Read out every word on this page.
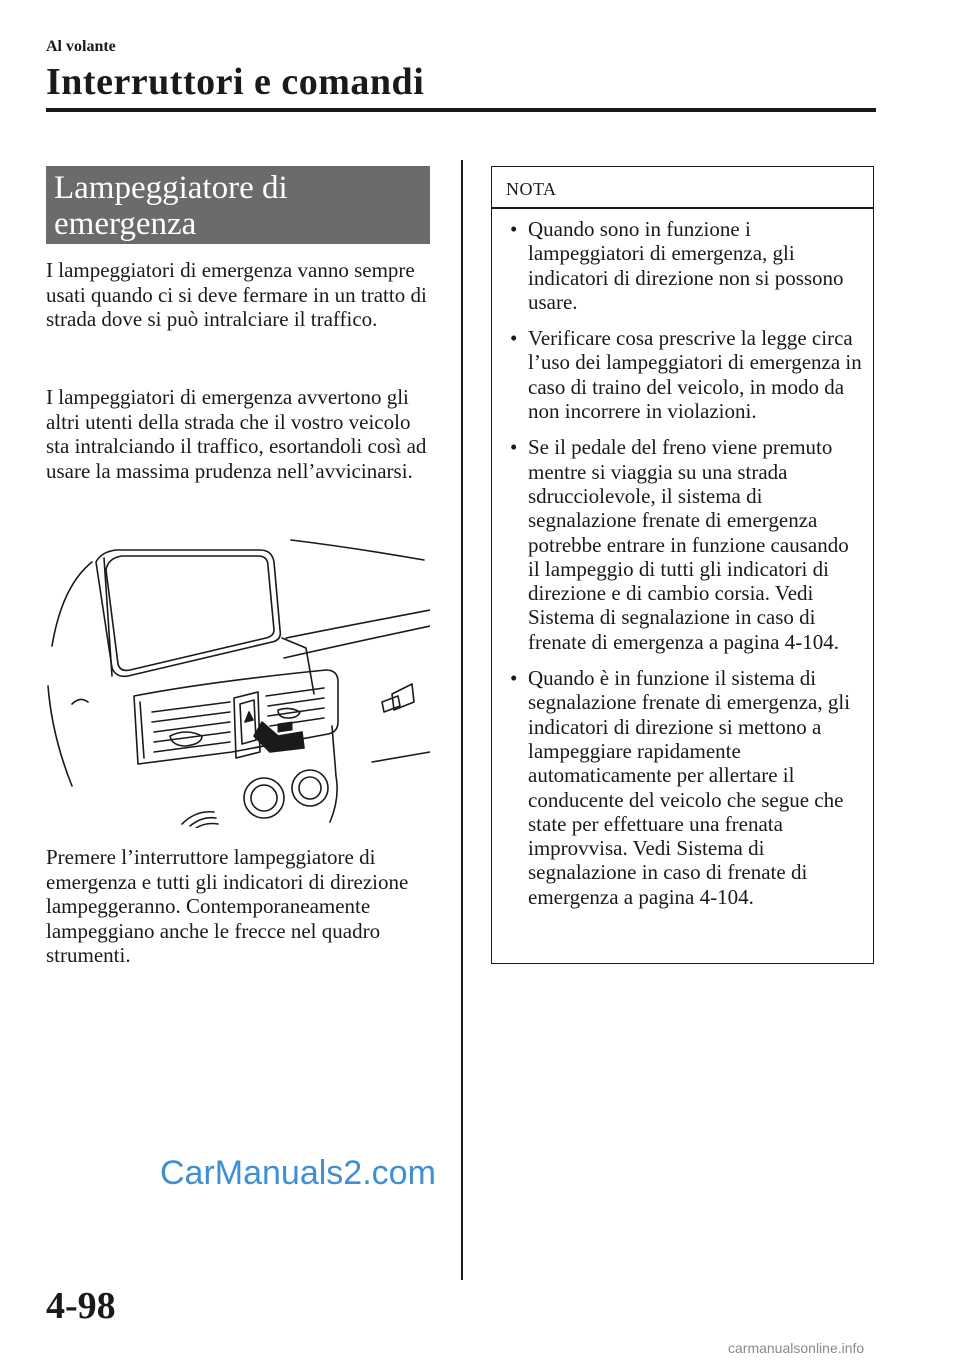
Al volante
Interruttori e comandi
Lampeggiatore di
emergenza
I lampeggiatori di emergenza vanno sempre usati quando ci si deve fermare in un tratto di strada dove si può intralciare il traffico.
I lampeggiatori di emergenza avvertono gli altri utenti della strada che il vostro veicolo sta intralciando il traffico, esortandoli così ad usare la massima prudenza nell’avvicinarsi.
Premere l’interruttore lampeggiatore di emergenza e tutti gli indicatori di direzione lampeggeranno. Contemporaneamente lampeggiano anche le frecce nel quadro strumenti.
NOTA
• Quando sono in funzione i lampeggiatori di emergenza, gli indicatori di direzione non si possono usare.
• Verificare cosa prescrive la legge circa l’uso dei lampeggiatori di emergenza in caso di traino del veicolo, in modo da non incorrere in violazioni.
• Se il pedale del freno viene premuto mentre si viaggia su una strada sdrucciolevole, il sistema di segnalazione frenate di emergenza potrebbe entrare in funzione causando il lampeggio di tutti gli indicatori di direzione e di cambio corsia. Vedi Sistema di segnalazione in caso di frenate di emergenza a pagina 4-104.
• Quando è in funzione il sistema di segnalazione frenate di emergenza, gli indicatori di direzione si mettono a lampeggiare rapidamente automaticamente per allertare il conducente del veicolo che segue che state per effettuare una frenata improvvisa. Vedi Sistema di segnalazione in caso di frenate di emergenza a pagina 4-104.
CarManuals2.com
4-98
carmanualsonline.info
